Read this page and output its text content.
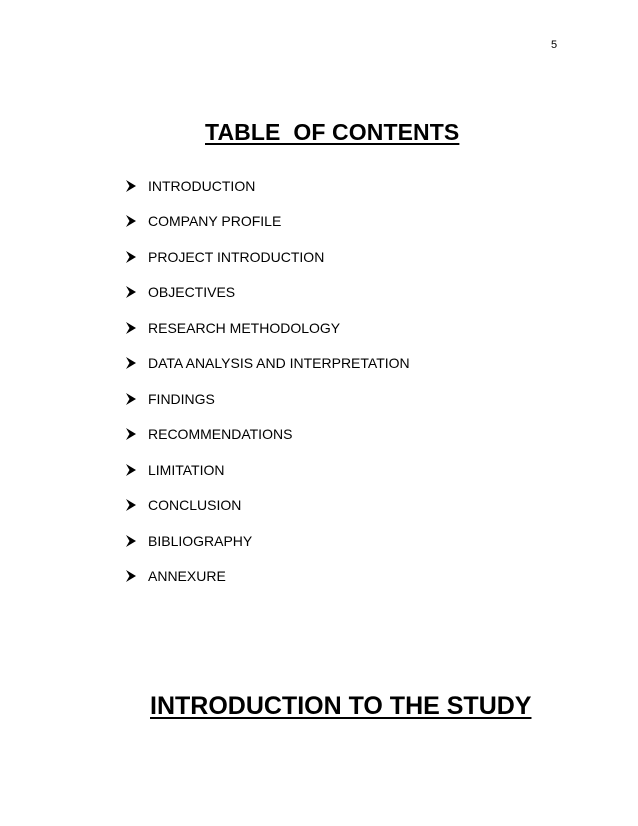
5
TABLE  OF CONTENTS
INTRODUCTION
COMPANY PROFILE
PROJECT INTRODUCTION
OBJECTIVES
RESEARCH METHODOLOGY
DATA ANALYSIS AND INTERPRETATION
FINDINGS
RECOMMENDATIONS
LIMITATION
CONCLUSION
BIBLIOGRAPHY
ANNEXURE
INTRODUCTION TO THE STUDY
